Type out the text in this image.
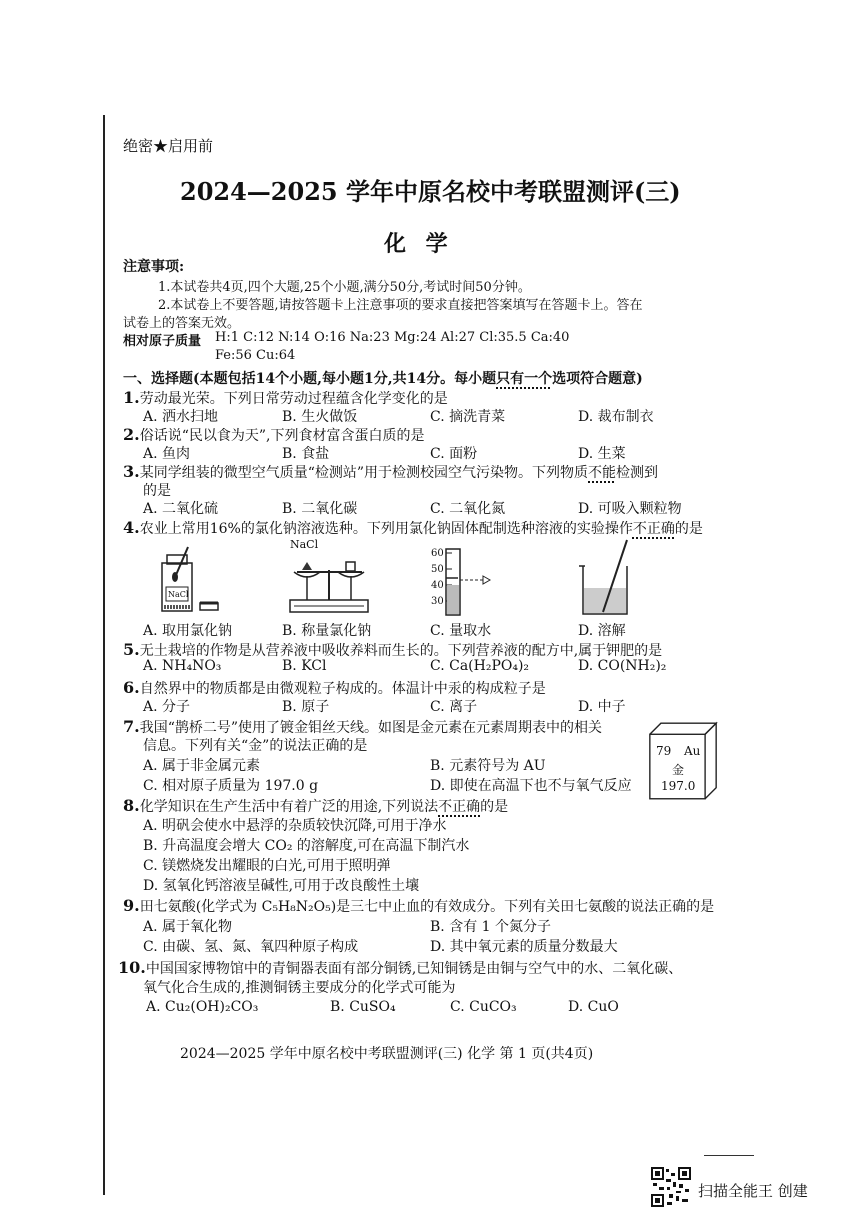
绝密★启用前
2024—2025 学年中原名校中考联盟测评(三)
化 学
注意事项:
1.本试卷共4页,四个大题,25个小题,满分50分,考试时间50分钟。
2.本试卷上不要答题,请按答题卡上注意事项的要求直接把答案填写在答题卡上。答在
试卷上的答案无效。
相对原子质量 H:1 C:12 N:14 O:16 Na:23 Mg:24 Al:27 Cl:35.5 Ca:40
Fe:56 Cu:64
一、选择题(本题包括14个小题,每小题1分,共14分。每小题只有一个选项符合题意)
1.劳动最光荣。下列日常劳动过程蕴含化学变化的是
A. 洒水扫地	B. 生火做饭	C. 摘洗青菜	D. 裁布制衣
2.俗话说“民以食为天”,下列食材富含蛋白质的是
A. 鱼肉	B. 食盐	C. 面粉	D. 生菜
3.某同学组装的微型空气质量“检测站”用于检测校园空气污染物。下列物质不能检测到
的是
A. 二氧化硫	B. 二氧化碳	C. 二氧化氮	D. 可吸入颗粒物
4.农业上常用16%的氯化钠溶液选种。下列用氯化钠固体配制选种溶液的实验操作不正确的是
NaCl
NaCl
60
50
40
30
A. 取用氯化钠	B. 称量氯化钠	C. 量取水	D. 溶解
5.无土栽培的作物是从营养液中吸收养料而生长的。下列营养液的配方中,属于钾肥的是
A. NH₄NO₃	B. KCl	C. Ca(H₂PO₄)₂	D. CO(NH₂)₂
6.自然界中的物质都是由微观粒子构成的。体温计中汞的构成粒子是
A. 分子	B. 原子	C. 离子	D. 中子
7.我国“鹊桥二号”使用了镀金钼丝天线。如图是金元素在元素周期表中的相关
信息。下列有关“金”的说法正确的是
A. 属于非金属元素	B. 元素符号为 AU
C. 相对原子质量为 197.0 g	D. 即使在高温下也不与氧气反应
79 Au
金
197.0
8.化学知识在生产生活中有着广泛的用途,下列说法不正确的是
A. 明矾会使水中悬浮的杂质较快沉降,可用于净水
B. 升高温度会增大 CO₂ 的溶解度,可在高温下制汽水
C. 镁燃烧发出耀眼的白光,可用于照明弹
D. 氢氧化钙溶液呈碱性,可用于改良酸性土壤
9.田七氨酸(化学式为 C₅H₈N₂O₅)是三七中止血的有效成分。下列有关田七氨酸的说法正确的是
A. 属于氧化物	B. 含有 1 个氮分子
C. 由碳、氢、氮、氧四种原子构成	D. 其中氧元素的质量分数最大
10.中国国家博物馆中的青铜器表面有部分铜锈,已知铜锈是由铜与空气中的水、二氧化碳、
氧气化合生成的,推测铜锈主要成分的化学式可能为
A. Cu₂(OH)₂CO₃	B. CuSO₄	C. CuCO₃	D. CuO
2024—2025 学年中原名校中考联盟测评(三) 化学 第 1 页(共4页)
扫描全能王 创建
